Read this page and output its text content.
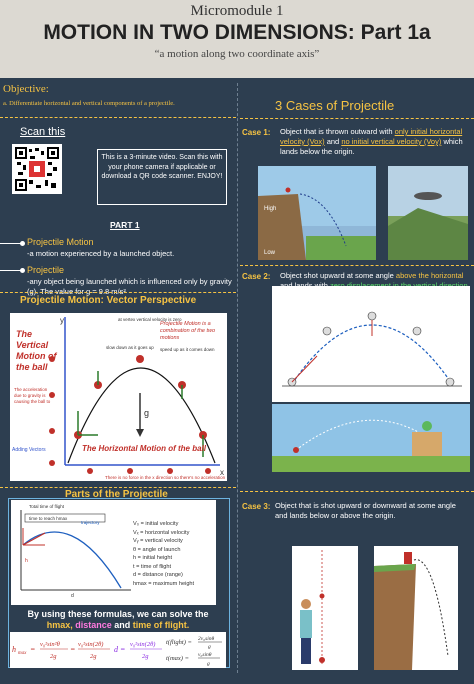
Micromodule 1
MOTION IN TWO DIMENSIONS: Part 1a
“a motion along two coordinate axis”
Objective:
a. Differentiate horizontal and vertical components of a projectile.
Scan this
This is a 3-minute video. Scan this with your phone camera if applicable or download a QR code scanner. ENJOY!
PART 1
Projectile Motion
-a motion experienced by a launched object.
Projectile
-any object being launched which is influenced only by gravity (g). The value for g = 9.8 m/s²
Projectile Motion: Vector Perspective
x
y
g
The
Vertical
Motion of
the ball
The acceleration
due to gravity is
causing the ball to
Adding Vectors
slow down as it goes up speed up as it comes down
at vertex vertical velocity is zero
Projectile Motion is a
combination of the two
motions
The Horizontal Motion of the ball
There is no force in the x direction so there's no acceleration
Parts of the Projectile
time to reach hmax
Total time of flight
h
d
trajectory	V₀ = initial velocity
Vₓ = horizontal velocity
Vᵧ = vertical velocity
θ = angle of launch
h = initial height
t = time of flight
d = distance (range)
hmax = maximum height
By using these formulas, we can solve the
hmax, distance and time of flight.
h max =
v₀²sin²θ
2g
=
v₀²sin(2θ)
2g
d =
v₀²sin(2θ)
2g
t(flight) = 2v₀sinθ
g
t(max) = v₀sinθ
g
3 Cases of Projectile
Case 1: Object that is thrown outward with only initial horizontal velocity (Vox) and no initial vertical velocity (Voy) which lands below the origin.
High
Low
Case 2: Object shot upward at some angle above the horizontal
Case 3: Object that is shot upward or downward at some angle and lands below or above the origin.
